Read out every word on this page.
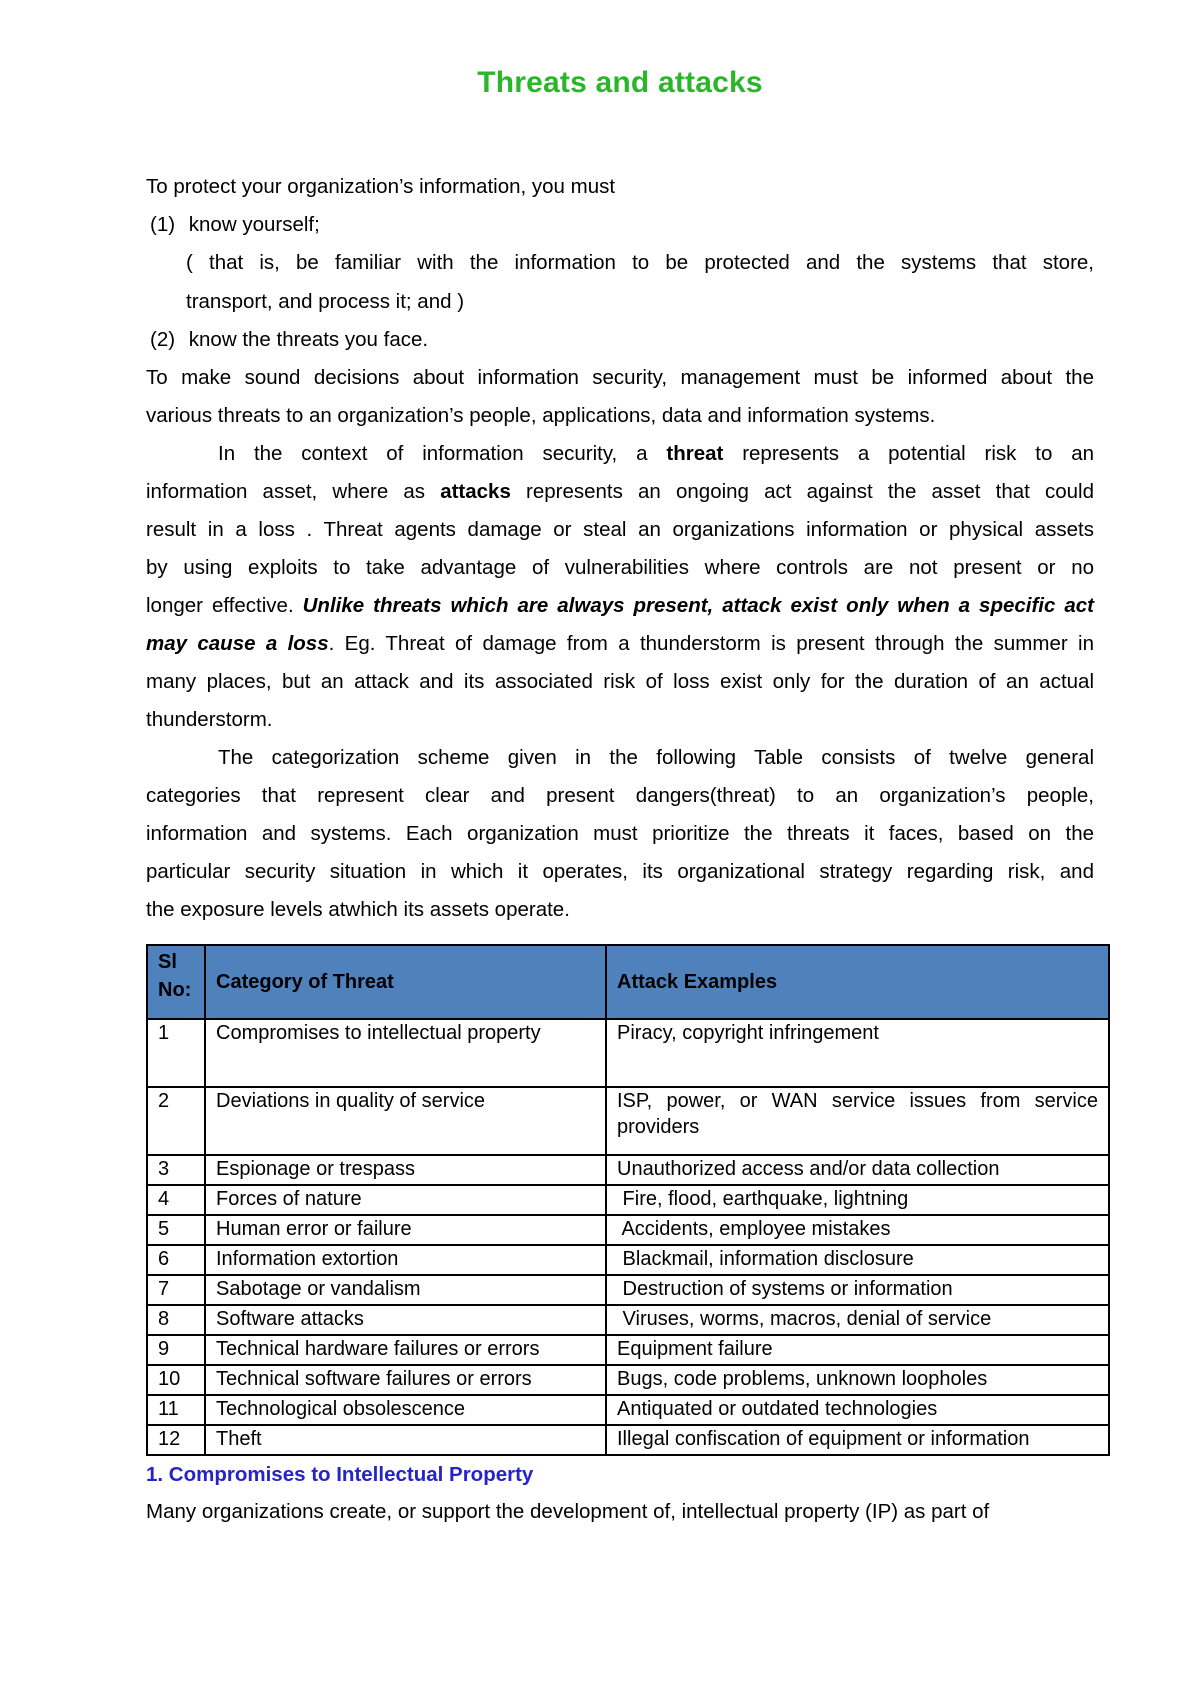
Threats and attacks
To protect your organization’s information, you must
(1) know yourself;
( that is, be familiar with the information to be protected and the systems that store,
transport, and process it; and )
(2) know the threats you face.
To make sound decisions about information security, management must be informed about the
various threats to an organization’s people, applications, data and information systems.
In the context of information security, a threat represents a potential risk to an
information asset, where as attacks represents an ongoing act against the asset that could
result in a loss . Threat agents damage or steal an organizations information or physical assets
by using exploits to take advantage of vulnerabilities where controls are not present or no
longer effective. Unlike threats which are always present, attack exist only when a specific act
may cause a loss. Eg. Threat of damage from a thunderstorm is present through the summer in
many places, but an attack and its associated risk of loss exist only for the duration of an actual
thunderstorm.
The categorization scheme given in the following Table consists of twelve general
categories that represent clear and present dangers(threat) to an organization’s people,
information and systems. Each organization must prioritize the threats it faces, based on the
particular security situation in which it operates, its organizational strategy regarding risk, and
the exposure levels atwhich its assets operate.
Sl
No:	Category of Threat	Attack Examples
1	Compromises to intellectual property	Piracy, copyright infringement
2	Deviations in quality of service	ISP, power, or WAN service issues from service providers
3	Espionage or trespass	Unauthorized access and/or data collection
4	Forces of nature	Fire, flood, earthquake, lightning
5	Human error or failure	Accidents, employee mistakes
6	Information extortion	Blackmail, information disclosure
7	Sabotage or vandalism	Destruction of systems or information
8	Software attacks	Viruses, worms, macros, denial of service
9	Technical hardware failures or errors	Equipment failure
10	Technical software failures or errors	Bugs, code problems, unknown loopholes
11	Technological obsolescence	Antiquated or outdated technologies
12	Theft	Illegal confiscation of equipment or information
1. Compromises to Intellectual Property
Many organizations create, or support the development of, intellectual property (IP) as part of
